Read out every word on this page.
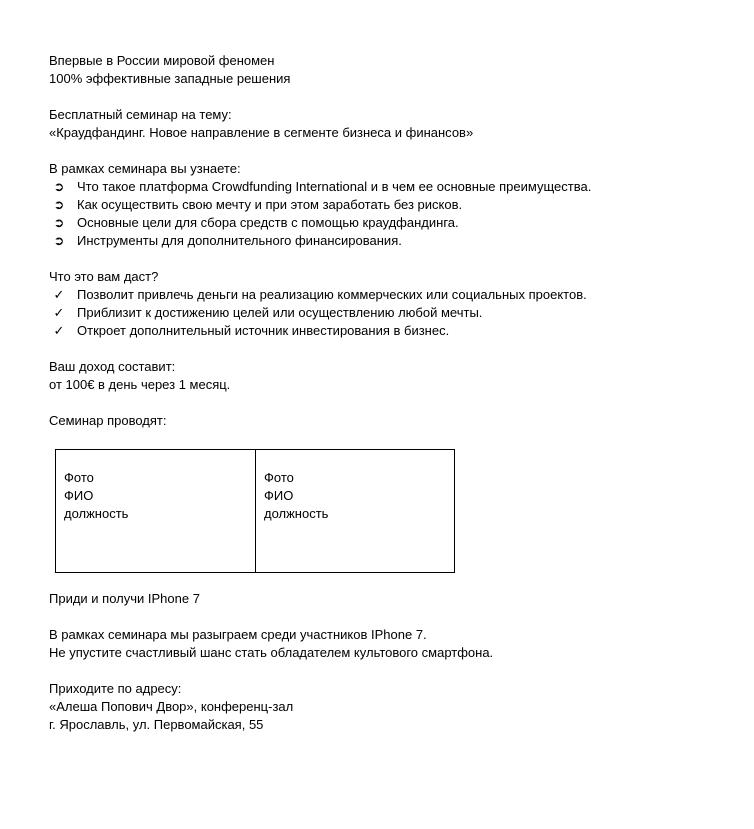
Впервые в России мировой феномен
100% эффективные западные решения
Бесплатный семинар на тему:
«Краудфандинг. Новое направление в сегменте бизнеса и финансов»
В рамках семинара вы узнаете:
➲ Что такое платформа Crowdfunding International и в чем ее основные преимущества.
➲ Как осуществить свою мечту и при этом заработать без рисков.
➲ Основные цели для сбора средств с помощью краудфандинга.
➲ Инструменты для дополнительного финансирования.
Что это вам даст?
✓ Позволит привлечь деньги на реализацию коммерческих или социальных проектов.
✓ Приблизит к достижению целей или осуществлению любой мечты.
✓ Откроет дополнительный источник инвестирования в бизнес.
Ваш доход составит:
от 100€ в день через 1 месяц.
Семинар проводят:
Фото
ФИО
должность
Фото
ФИО
должность
Приди и получи IPhone 7
В рамках семинара мы разыграем среди участников IPhone 7.
Не упустите счастливый шанс стать обладателем культового смартфона.
Приходите по адресу:
«Алеша Попович Двор», конференц-зал
г. Ярославль, ул. Первомайская, 55
